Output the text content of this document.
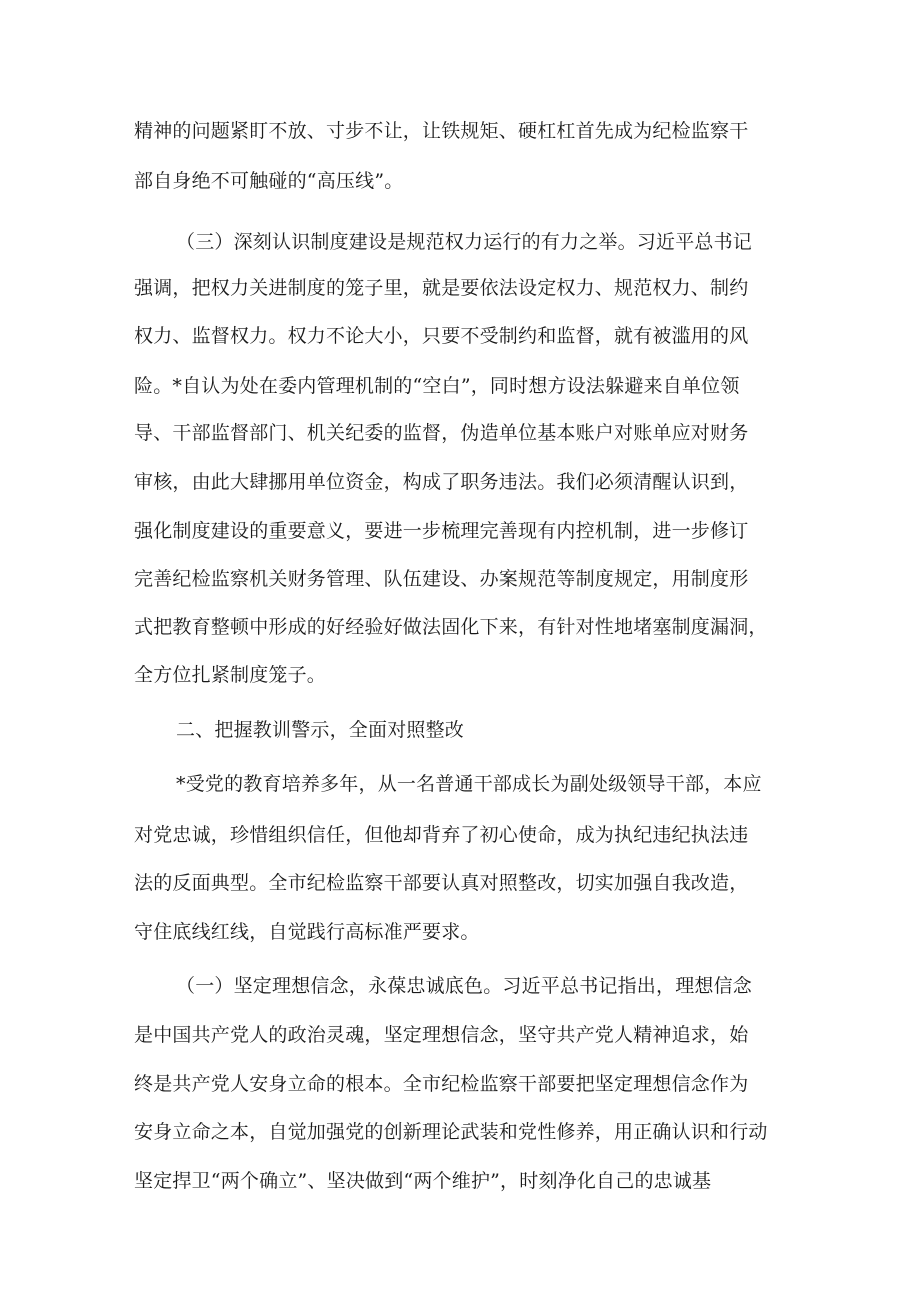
精神的问题紧盯不放、寸步不让，让铁规矩、硬杠杠首先成为纪检监察干
部自身绝不可触碰的“高压线”。
（三）深刻认识制度建设是规范权力运行的有力之举。习近平总书记
强调，把权力关进制度的笼子里，就是要依法设定权力、规范权力、制约
权力、监督权力。权力不论大小，只要不受制约和监督，就有被滥用的风
险。*自认为处在委内管理机制的“空白”，同时想方设法躲避来自单位领
导、干部监督部门、机关纪委的监督，伪造单位基本账户对账单应对财务
审核，由此大肆挪用单位资金，构成了职务违法。我们必须清醒认识到，
强化制度建设的重要意义，要进一步梳理完善现有内控机制，进一步修订
完善纪检监察机关财务管理、队伍建设、办案规范等制度规定，用制度形
式把教育整顿中形成的好经验好做法固化下来，有针对性地堵塞制度漏洞，
全方位扎紧制度笼子。
二、把握教训警示，全面对照整改
*受党的教育培养多年，从一名普通干部成长为副处级领导干部，本应
对党忠诚，珍惜组织信任，但他却背弃了初心使命，成为执纪违纪执法违
法的反面典型。全市纪检监察干部要认真对照整改，切实加强自我改造，
守住底线红线，自觉践行高标准严要求。
（一）坚定理想信念，永葆忠诚底色。习近平总书记指出，理想信念
是中国共产党人的政治灵魂，坚定理想信念，坚守共产党人精神追求，始
终是共产党人安身立命的根本。全市纪检监察干部要把坚定理想信念作为
安身立命之本，自觉加强党的创新理论武装和党性修养，用正确认识和行动
坚定捍卫“两个确立”、坚决做到“两个维护”，时刻净化自己的忠诚基
